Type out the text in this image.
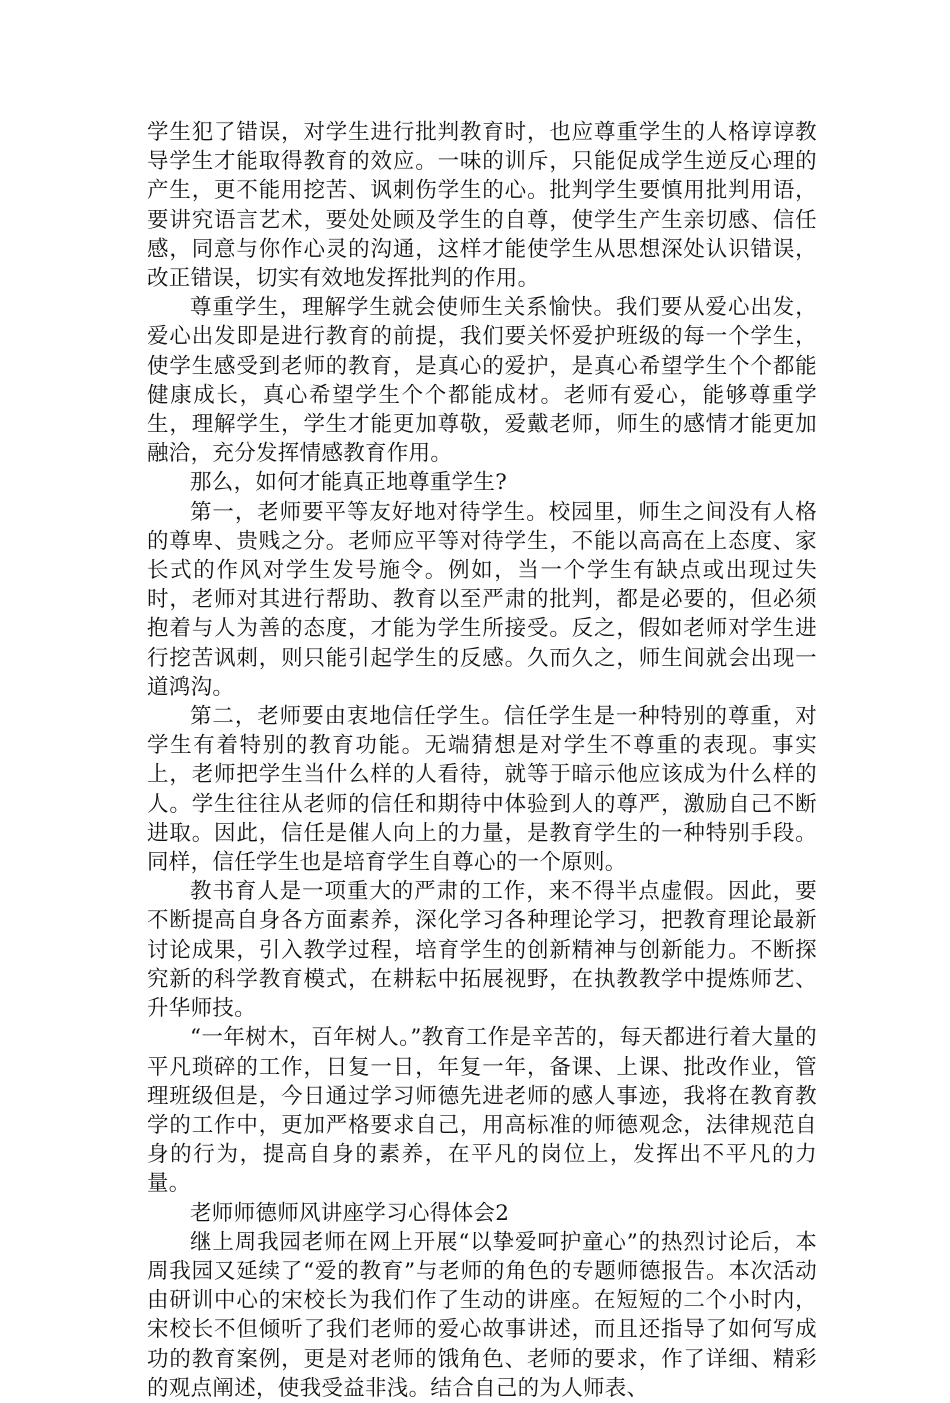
学生犯了错误，对学生进行批判教育时，也应尊重学生的人格谆谆教导学生才能取得教育的效应。一味的训斥，只能促成学生逆反心理的产生，更不能用挖苦、讽刺伤学生的心。批判学生要慎用批判用语，要讲究语言艺术，要处处顾及学生的自尊，使学生产生亲切感、信任感，同意与你作心灵的沟通，这样才能使学生从思想深处认识错误，改正错误，切实有效地发挥批判的作用。

尊重学生，理解学生就会使师生关系愉快。我们要从爱心出发，爱心出发即是进行教育的前提，我们要关怀爱护班级的每一个学生，使学生感受到老师的教育，是真心的爱护，是真心希望学生个个都能健康成长，真心希望学生个个都能成材。老师有爱心，能够尊重学生，理解学生，学生才能更加尊敬，爱戴老师，师生的感情才能更加融洽，充分发挥情感教育作用。

那么，如何才能真正地尊重学生?

第一，老师要平等友好地对待学生。校园里，师生之间没有人格的尊卑、贵贱之分。老师应平等对待学生，不能以高高在上态度、家长式的作风对学生发号施令。例如，当一个学生有缺点或出现过失时，老师对其进行帮助、教育以至严肃的批判，都是必要的，但必须抱着与人为善的态度，才能为学生所接受。反之，假如老师对学生进行挖苦讽刺，则只能引起学生的反感。久而久之，师生间就会出现一道鸿沟。

第二，老师要由衷地信任学生。信任学生是一种特别的尊重，对学生有着特别的教育功能。无端猜想是对学生不尊重的表现。事实上，老师把学生当什么样的人看待，就等于暗示他应该成为什么样的人。学生往往从老师的信任和期待中体验到人的尊严，激励自己不断进取。因此，信任是催人向上的力量，是教育学生的一种特别手段。同样，信任学生也是培育学生自尊心的一个原则。

教书育人是一项重大的严肃的工作，来不得半点虚假。因此，要不断提高自身各方面素养，深化学习各种理论学习，把教育理论最新讨论成果，引入教学过程，培育学生的创新精神与创新能力。不断探究新的科学教育模式，在耕耘中拓展视野，在执教教学中提炼师艺、升华师技。

“一年树木，百年树人。”教育工作是辛苦的，每天都进行着大量的平凡琐碎的工作，日复一日，年复一年，备课、上课、批改作业，管理班级但是，今日通过学习师德先进老师的感人事迹，我将在教育教学的工作中，更加严格要求自己，用高标准的师德观念，法律规范自身的行为，提高自身的素养，在平凡的岗位上，发挥出不平凡的力量。

老师师德师风讲座学习心得体会2

继上周我园老师在网上开展“以挚爱呵护童心”的热烈讨论后，本周我园又延续了“爱的教育”与老师的角色的专题师德报告。本次活动由研训中心的宋校长为我们作了生动的讲座。在短短的二个小时内，宋校长不但倾听了我们老师的爱心故事讲述，而且还指导了如何写成功的教育案例，更是对老师的饿角色、老师的要求，作了详细、精彩的观点阐述，使我受益非浅。结合自己的为人师表、
